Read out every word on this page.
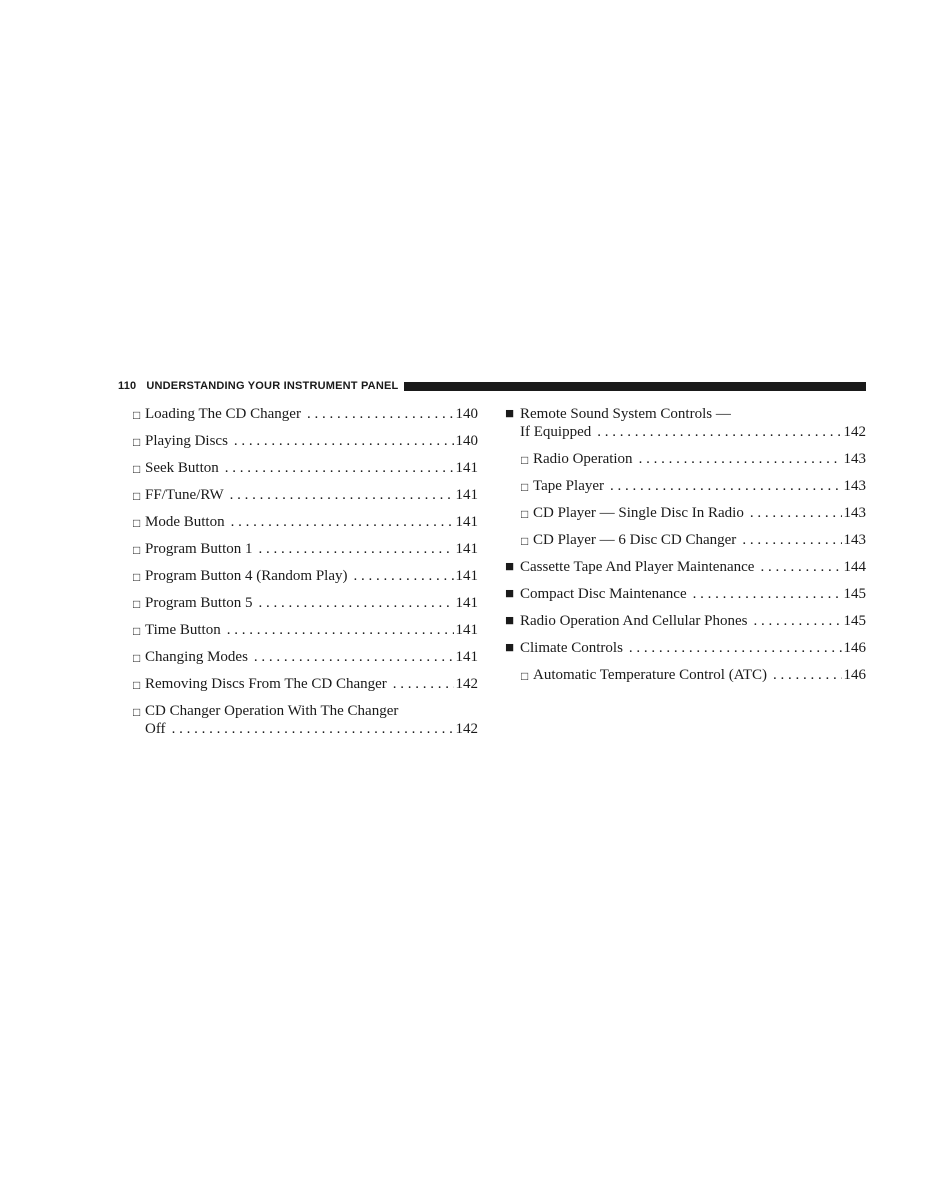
110 UNDERSTANDING YOUR INSTRUMENT PANEL
□ Loading The CD Changer . . .	140
□ Playing Discs . . .	140
□ Seek Button . . .	141
□ FF/Tune/RW . . .	141
□ Mode Button . . .	141
□ Program Button 1 . . .	141
□ Program Button 4 (Random Play) . . .	141
□ Program Button 5 . . .	141
□ Time Button . . .	141
□ Changing Modes . . .	141
□ Removing Discs From The CD Changer . . .	142
□ CD Changer Operation With The Changer
Off . . .	142
■ Remote Sound System Controls —
If Equipped . . .	142
□ Radio Operation . . .	143
□ Tape Player . . .	143
□ CD Player — Single Disc In Radio . . .	143
□ CD Player — 6 Disc CD Changer . . .	143
■ Cassette Tape And Player Maintenance . . .	144
■ Compact Disc Maintenance . . .	145
■ Radio Operation And Cellular Phones . . .	145
■ Climate Controls . . .	146
□ Automatic Temperature Control (ATC) . . .	146
